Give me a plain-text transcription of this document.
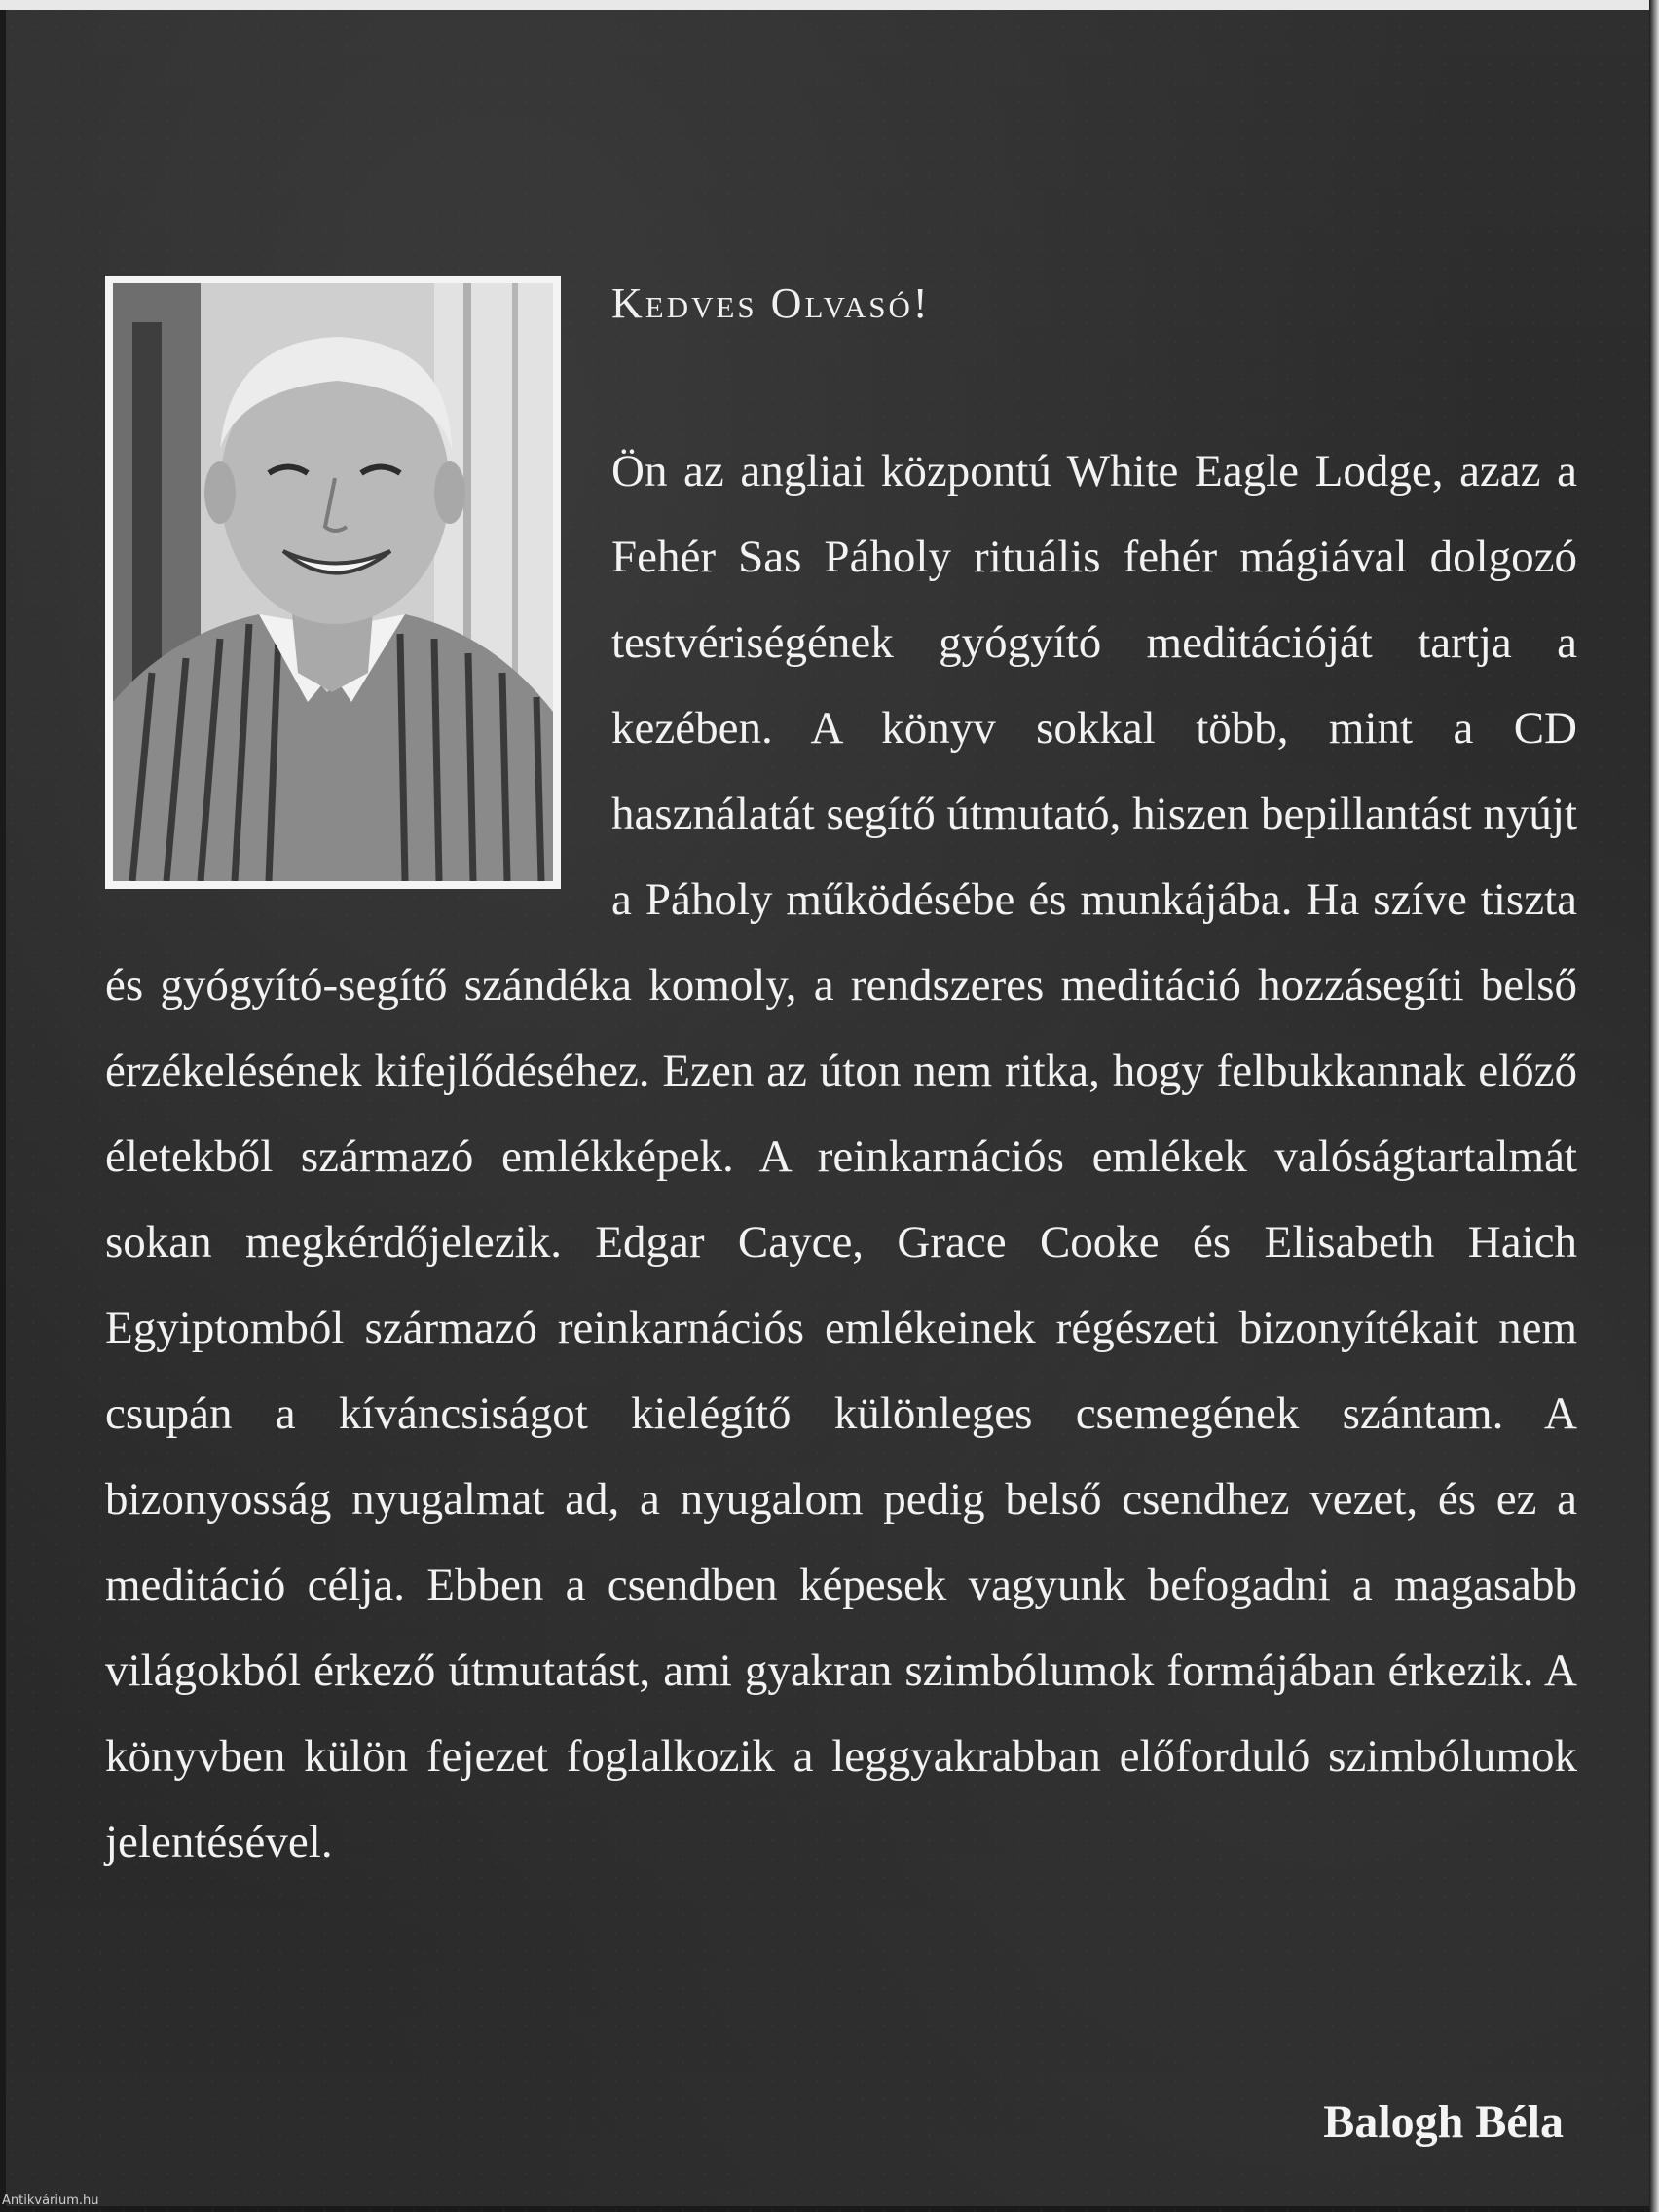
Kedves Olvasó!
Ön az angliai központú White Eagle Lodge, azaz a Fehér Sas Páholy rituális fehér mágiával dolgozó testvériségének gyógyító meditációját tartja a kezében. A könyv sokkal több, mint a CD használatát segítő útmutató, hiszen bepillantást nyújt a Páholy működésébe és munkájába. Ha szíve tiszta és gyógyító-segítő szándéka komoly, a rendszeres meditáció hozzásegíti belső érzékelésének kifejlődéséhez. Ezen az úton nem ritka, hogy felbukkannak előző életekből származó emlékképek. A reinkarnációs emlékek valóságtartalmát sokan megkérdőjelezik. Edgar Cayce, Grace Cooke és Elisabeth Haich Egyiptomból származó reinkarnációs emlékeinek régészeti bizonyítékait nem csupán a kíváncsiságot kielégítő különleges csemegének szántam. A bizonyosság nyugalmat ad, a nyugalom pedig belső csendhez vezet, és ez a meditáció célja. Ebben a csendben képesek vagyunk befogadni a magasabb világokból érkező útmutatást, ami gyakran szimbólumok formájában érkezik. A könyvben külön fejezet foglalkozik a leggyakrabban előforduló szimbólumok jelentésével.
Balogh Béla
Antikvárium.hu
